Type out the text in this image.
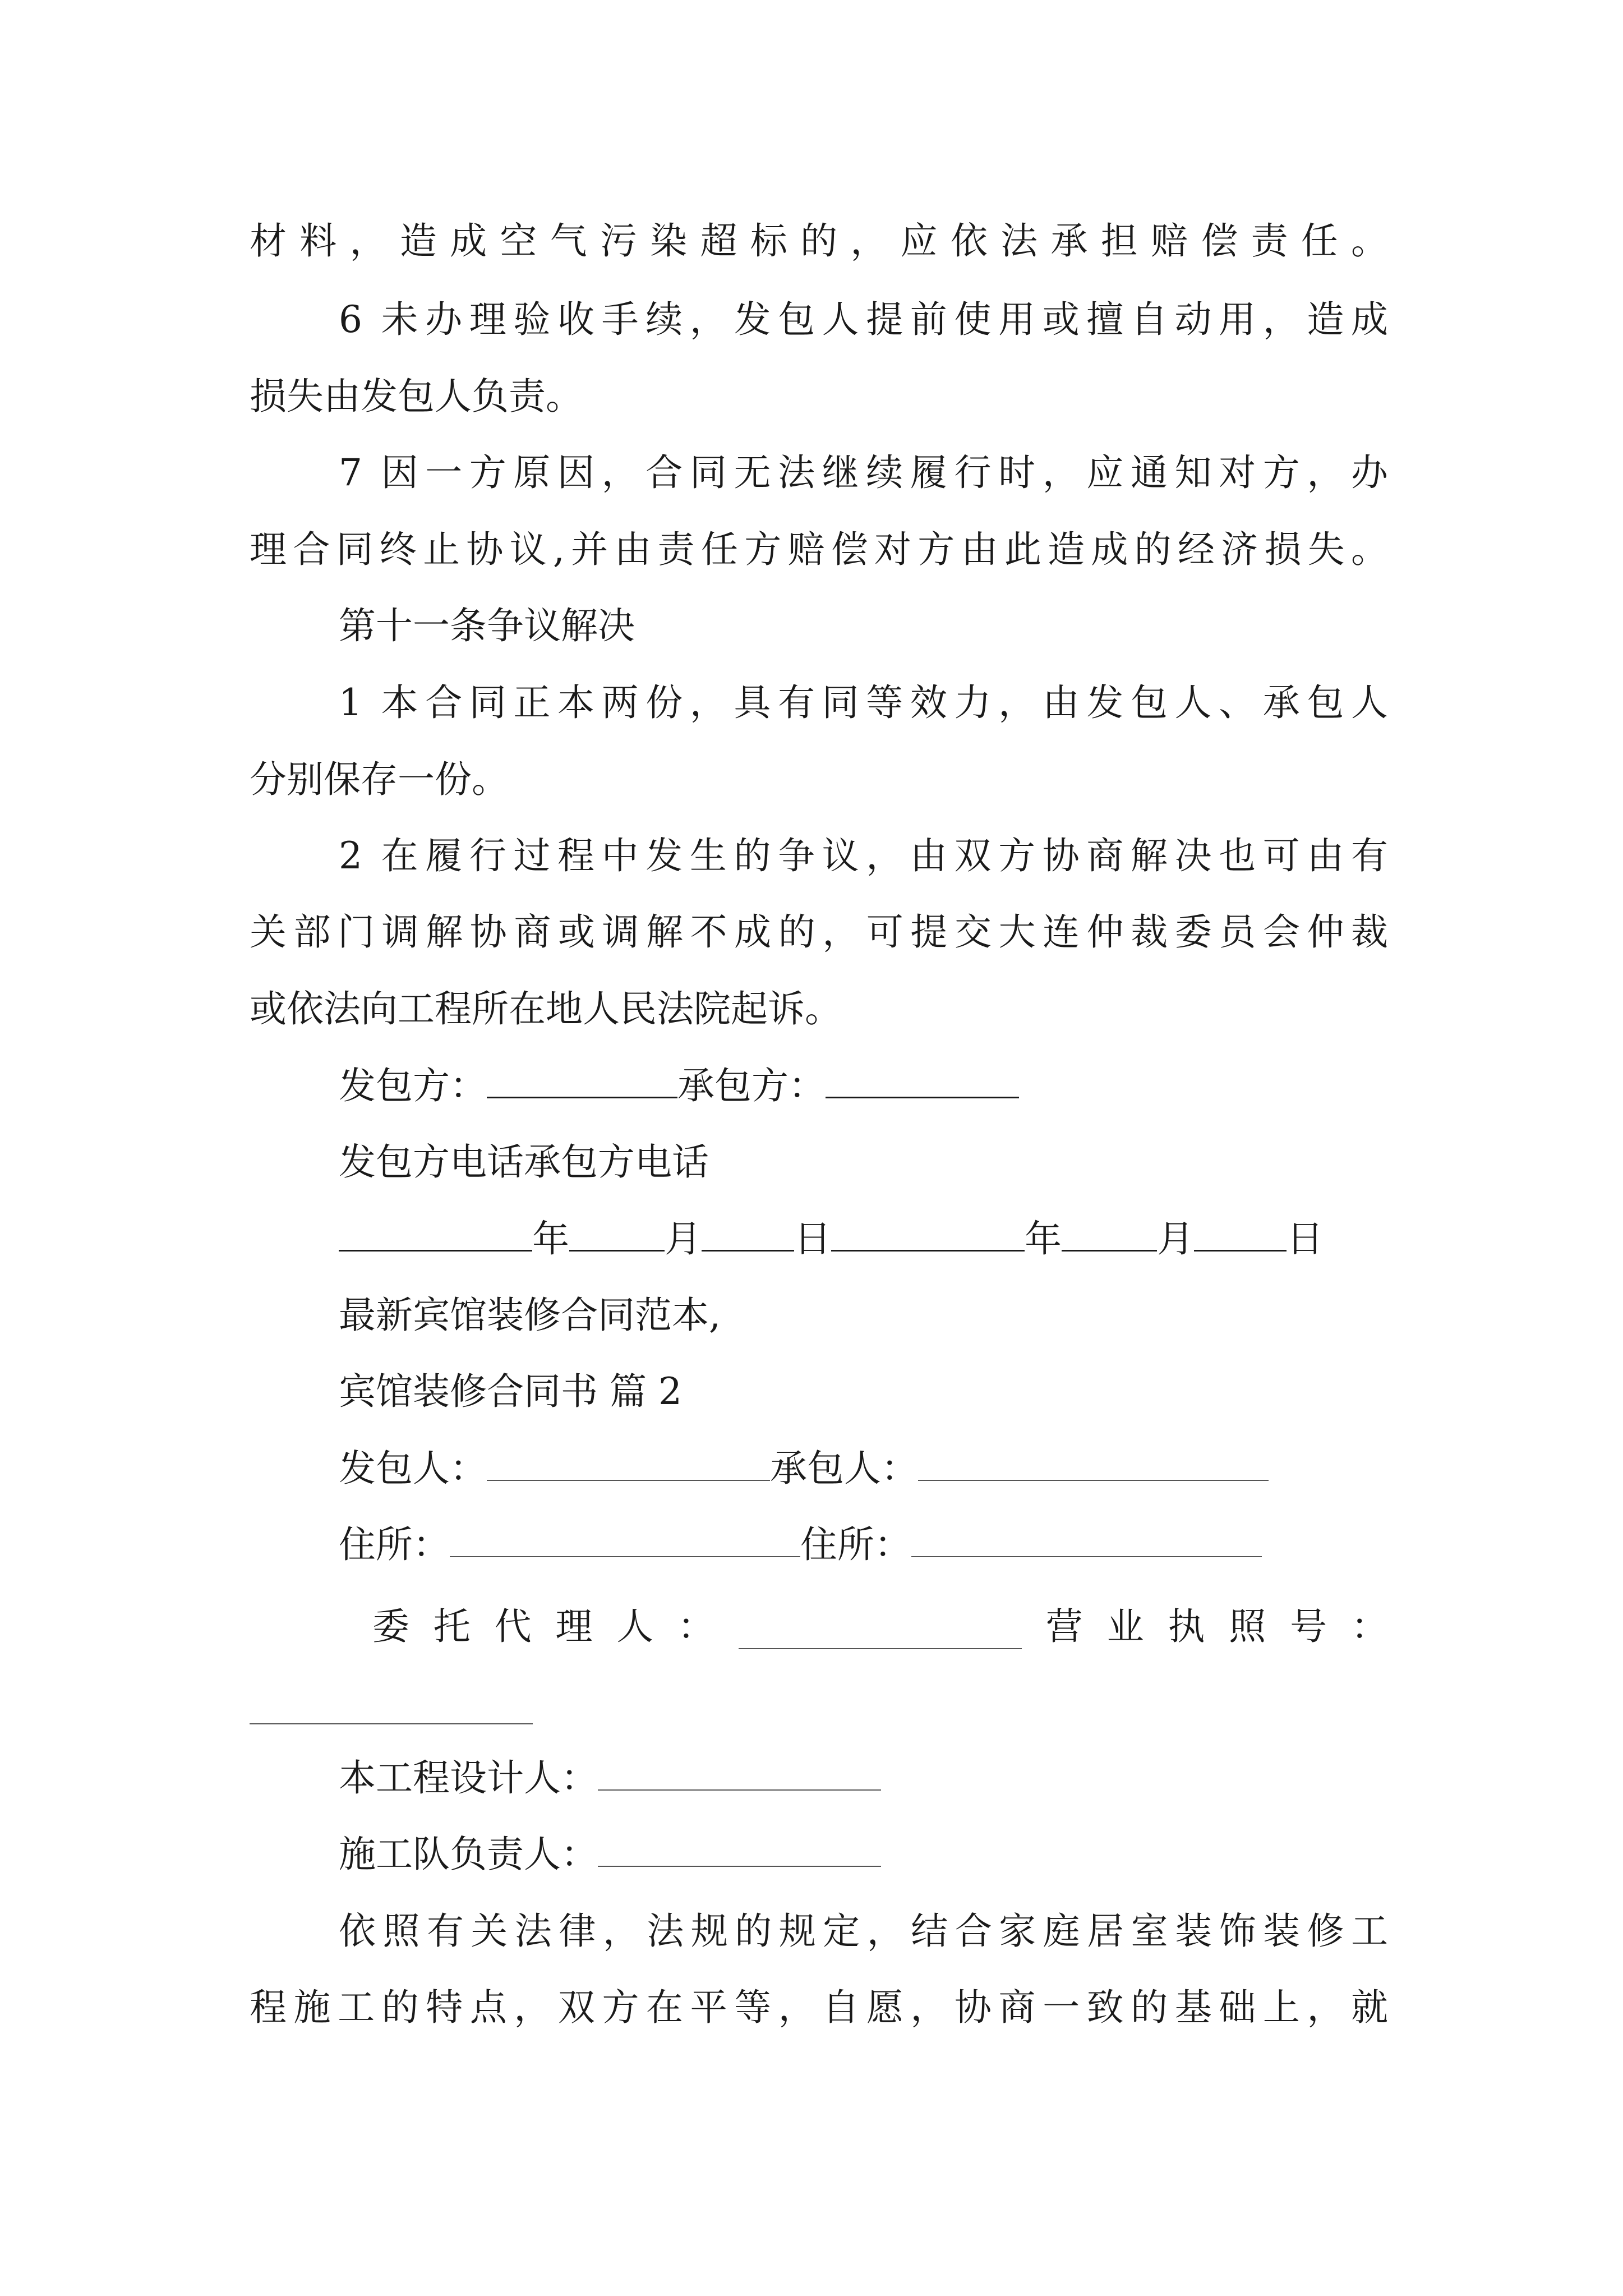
材料，造成空气污染超标的，应依法承担赔偿责任。
6 未办理验收手续，发包人提前使用或擅自动用，造成
损失由发包人负责。
7 因一方原因，合同无法继续履行时，应通知对方，办
理合同终止协议,并由责任方赔偿对方由此造成的经济损失。
第十一条争议解决
1 本合同正本两份，具有同等效力，由发包人、承包人
分别保存一份。
2 在履行过程中发生的争议，由双方协商解决也可由有
关部门调解协商或调解不成的，可提交大连仲裁委员会仲裁
或依法向工程所在地人民法院起诉。
发包方：	承包方：
发包方电话承包方电话
年	月	日	年	月	日
最新宾馆装修合同范本,
宾馆装修合同书 篇 2
发包人：	承包人：
住所：	住所：
委 托 代 理 人 ：	营 业 执 照 号 ：
本工程设计人：
施工队负责人：
依照有关法律，法规的规定，结合家庭居室装饰装修工
程施工的特点，双方在平等，自愿，协商一致的基础上，就
